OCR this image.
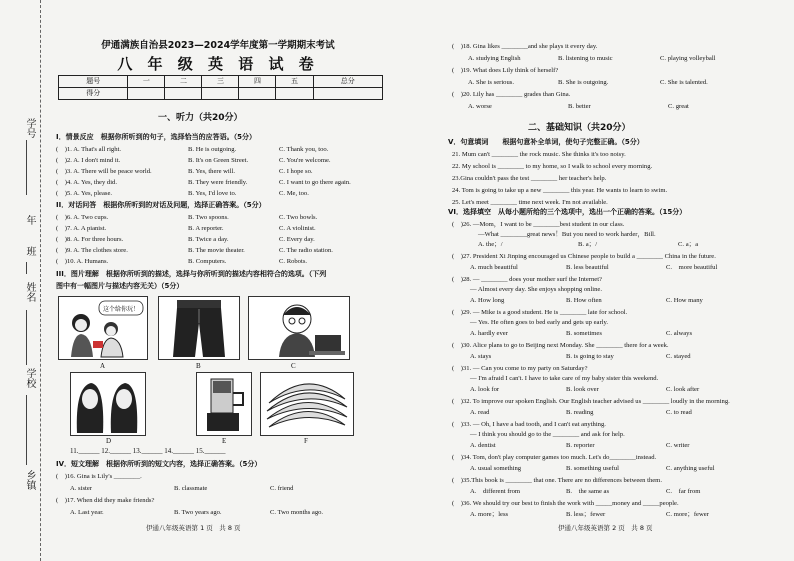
学号
年
班
姓名
学校
乡镇
伊通满族自治县2023—2024学年度第一学期期末考试
八 年 级 英 语 试 卷
题号	一	二	三	四	五	总分
得分						
一、听力（共20分）
I．情景反应　根据你所听到的句子，选择恰当的应答语。（5分）
(　)1. A. That's all right.	B. He is outgoing.	C. Thank you, too.
(　)2. A. I don't mind it.	B. It's on Green Street.	C. You're welcome.
(　)3. A. There will be peace world.	B. Yes, there will.	C. I hope so.
(　)4. A. Yes, they did.	B. They were friendly.	C. I want to go there again.
(　)5. A. Yes, please.	B. Yes, I'd love to.	C. Me, too.
II．对话问答　根据你所听到的对话及问题，选择正确答案。（5分）
(　)6. A. Two cups.	B. Two spoons.	C. Two bowls.
(　)7. A. A pianist.	B. A reporter.	C. A violinist.
(　)8. A. For three hours.	B. Twice a day.	C. Every day.
(　)9. A. The clothes store.	B. The movie theater.	C. The radio station.
(　)10. A. Humans.	B. Computers.	C. Robots.
III．图片理解　根据你所听到的描述，选择与你所听到的描述内容相符合的选项。（下列
图中有一幅图片与描述内容无关）（5分）
这个给你玩！
A	B	C
D	E	F
11.______ 12.______ 13.______ 14.______ 15.______
IV．短文理解　根据你所听到的短文内容，选择正确答案。（5分）
(　)16. Gina is Lily's ________.
A. sister	B. classmate	C. friend
(　)17. When did they make friends?
A. Last year.	B. Two years ago.	C. Two months ago.
伊通八年级英语第 1 页　共 8 页
(　)18. Gina likes ________and she plays it every day.
A. studying English	B. listening to music	C. playing volleyball
(　)19. What does Lily think of herself?
A. She is serious.	B. She is outgoing.	C. She is talented.
(　)20. Lily has ________ grades than Gina.
A. worse	B. better	C. great
二、基础知识（共20分）
V．句意填词　　根据句意补全单词，使句子完整正确。（5分）
21. Mum can't ________ the rock music. She thinks it's too noisy.
22. My school is ________ to my home, so I walk to school every morning.
23.Gina couldn't pass the test ________ her teacher's help.
24. Tom is going to take up a new ________ this year. He wants to learn to swim.
25. Let's meet ________ time next week. I'm not available.
VI．选择填空　从每小题所给的三个选项中，选出一个正确的答案。（15分）
(　)26. —Mom，I want to be ________best student in our class.
—What ________great news！But you need to work harder，Bill.
A. the；/	B. a；/	C. a；a
(　)27. President Xi Jinping encouraged us Chinese people to build a ________ China in the future.
A. much beautiful	B. less beautiful	C.　more beautiful
(　)28. — ________ does your mother surf the Internet?
— Almost every day. She enjoys shopping online.
A. How long	B. How often	C. How many
(　)29. — Mike is a good student. He is ________ late for school.
— Yes. He often goes to bed early and gets up early.
A. hardly ever	B. sometimes	C. always
(　)30. Alice plans to go to Beijing next Monday. She ________ there for a week.
A. stays	B. is going to stay	C. stayed
(　)31. — Can you come to my party on Saturday?
— I'm afraid I can't. I have to take care of my baby sister this weekend.
A. look for	B. look over	C. look after
(　)32. To improve our spoken English. Our English teacher advised us ________ loudly in the morning.
A. read	B. reading	C. to read
(　)33. — Oh, I have a bad tooth, and I can't eat anything.
— I think you should go to the ________ and ask for help.
A. dentist	B. reporter	C. writer
(　)34. Tom, don't play computer games too much. Let's do________instead.
A. usual something	B. something useful	C. anything useful
(　)35.This book is ________ that one. There are no differences between them.
A.　different from	B.　the same as	C.　far from
(　)36. We should try our best to finish the work with _____money and _____people.
A. more；less	B. less；fewer	C. more；fewer
伊通八年级英语第 2 页　共 8 页
